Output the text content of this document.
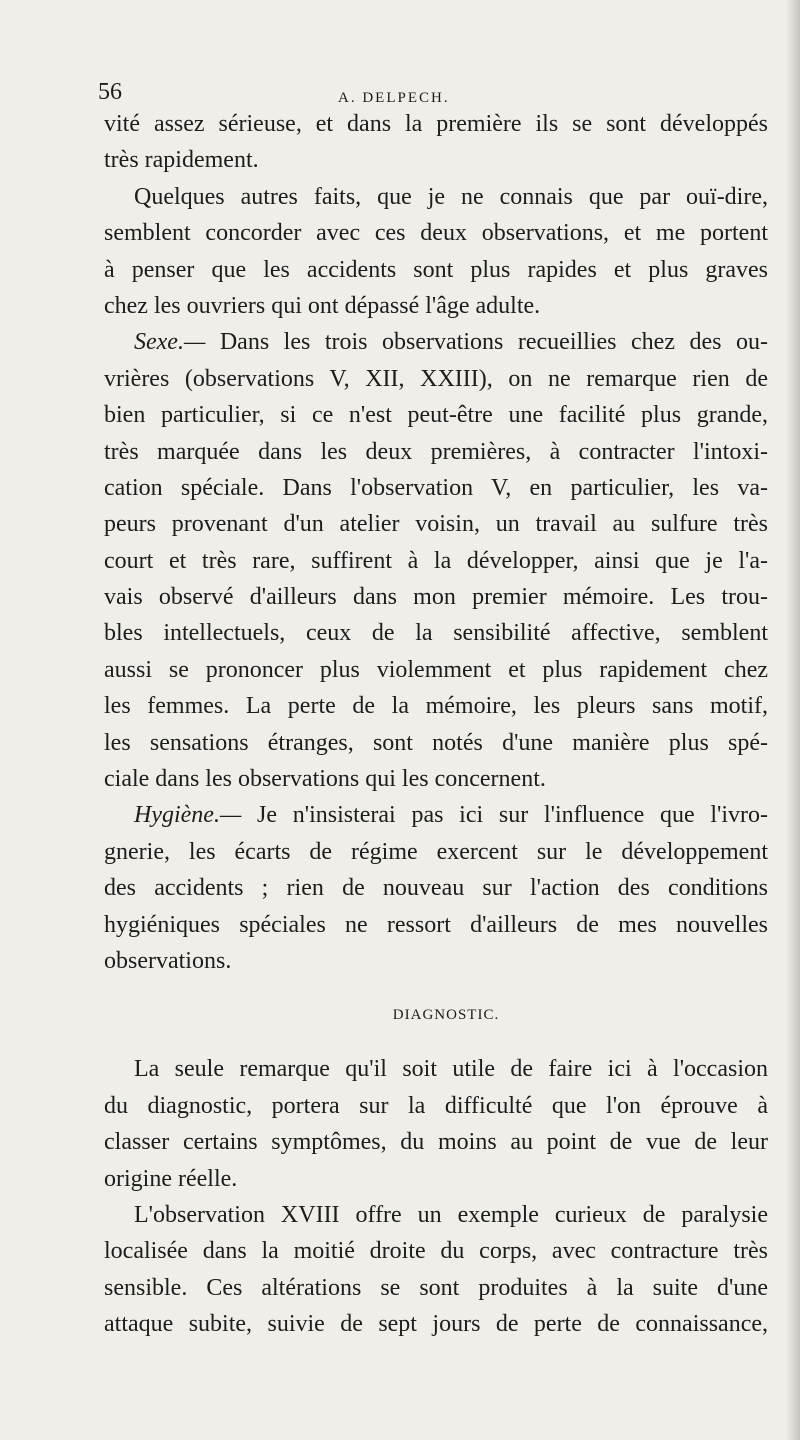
56	A. DELPECH.
vité assez sérieuse, et dans la première ils se sont développés
très rapidement.
Quelques autres faits, que je ne connais que par ouï-dire,
semblent concorder avec ces deux observations, et me portent
à penser que les accidents sont plus rapides et plus graves
chez les ouvriers qui ont dépassé l'âge adulte.
Sexe.— Dans les trois observations recueillies chez des ou-
vrières (observations V, XII, XXIII), on ne remarque rien de
bien particulier, si ce n'est peut-être une facilité plus grande,
très marquée dans les deux premières, à contracter l'intoxi-
cation spéciale. Dans l'observation V, en particulier, les va-
peurs provenant d'un atelier voisin, un travail au sulfure très
court et très rare, suffirent à la développer, ainsi que je l'a-
vais observé d'ailleurs dans mon premier mémoire. Les trou-
bles intellectuels, ceux de la sensibilité affective, semblent
aussi se prononcer plus violemment et plus rapidement chez
les femmes. La perte de la mémoire, les pleurs sans motif,
les sensations étranges, sont notés d'une manière plus spé-
ciale dans les observations qui les concernent.
Hygiène.— Je n'insisterai pas ici sur l'influence que l'ivro-
gnerie, les écarts de régime exercent sur le développement
des accidents ; rien de nouveau sur l'action des conditions
hygiéniques spéciales ne ressort d'ailleurs de mes nouvelles
observations.
DIAGNOSTIC.
La seule remarque qu'il soit utile de faire ici à l'occasion
du diagnostic, portera sur la difficulté que l'on éprouve à
classer certains symptômes, du moins au point de vue de leur
origine réelle.
L'observation XVIII offre un exemple curieux de paralysie
localisée dans la moitié droite du corps, avec contracture très
sensible. Ces altérations se sont produites à la suite d'une
attaque subite, suivie de sept jours de perte de connaissance,
